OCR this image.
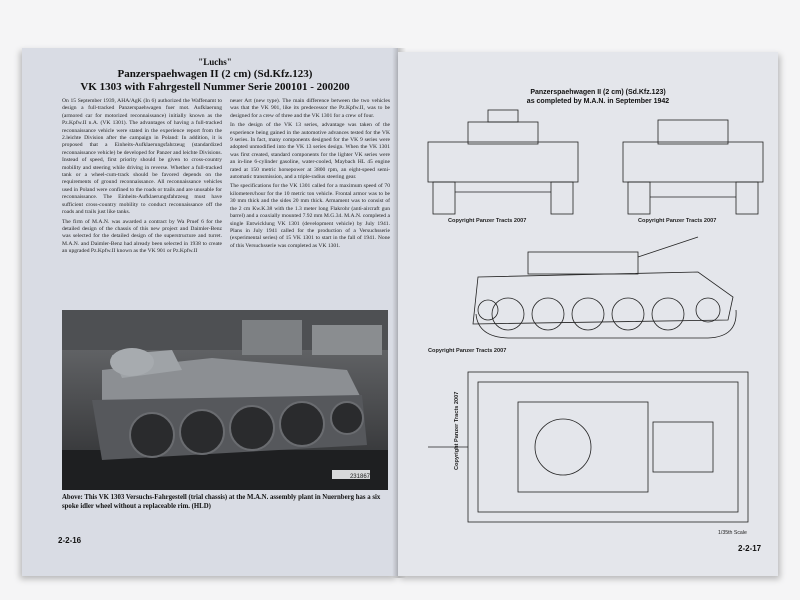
"Luchs"
Panzerspaehwagen II (2 cm) (Sd.Kfz.123)
VK 1303 with Fahrgestell Nummer Serie 200101 - 200200

On 15 September 1939, AHA/AgK (In 6) authorized the Waffenamt to design a full-tracked Panzerspaehwagen fuer mot. Aufklaerung (armored car for motorized reconnaissance) initially known as the Pz.Kpfw.II n.A. (VK 1301). The advantages of having a full-tracked reconnaissance vehicle were stated in the experience report from the 2.leichte Division after the campaign in Poland: In addition, it is proposed that a Einheits-Aufklaerungsfahrzeug (standardized reconnaissance vehicle) be developed for Panzer and leichte Divisions. Instead of speed, first priority should be given to cross-country mobility and steering while driving in reverse. Whether a full-tracked tank or a wheel-cum-track should be favored depends on the requirements of ground reconnaissance. All reconnaissance vehicles used in Poland were confined to the roads or trails and are unusable for reconnaissance. The Einheits-Aufklaerungsfahrzeug must have sufficient cross-country mobility to conduct reconnaissance off the roads and trails just like tanks.

The firm of M.A.N. was awarded a contract by Wa Pruef 6 for the detailed design of the chassis of this new project and Daimler-Benz was selected for the detailed design of the superstructure and turret. M.A.N. and Daimler-Benz had already been selected in 1938 to create an upgraded Pz.Kpfw.II known as the VK 901 or Pz.Kpfw.II

neuer Art (new type). The main difference between the two vehicles was that the VK 901, like its predecessor the Pz.Kpfw.II, was to be designed for a crew of three and the VK 1301 for a crew of four.

In the design of the VK 13 series, advantage was taken of the experience being gained in the automotive advances tested for the VK 9 series. In fact, many components designed for the VK 9 series were adopted unmodified into the VK 13 series design. When the VK 1301 was first created, standard components for the lighter VK series were an in-line 6-cylinder gasoline, water-cooled, Maybach HL 45 engine rated at 150 metric horsepower at 3800 rpm, an eight-speed semi-automatic transmission, and a triple-radius steering gear.

The specifications for the VK 1301 called for a maximum speed of 70 kilometers/hour for the 10 metric ton vehicle. Frontal armor was to be 30 mm thick and the sides 20 mm thick. Armament was to consist of the 2 cm Kw.K.38 with the 1.3 meter long Flakrohr (anti-aircraft gun barrel) and a coaxially mounted 7.92 mm M.G.34. M.A.N. completed a single Entwicklung VK 1301 (development vehicle) by July 1941. Plans in July 1941 called for the production of a Versuchsserie (experimental series) of 15 VK 1301 to start in the fall of 1941. None of this Versuchsserie was completed as VK 1301.

231867
Above: This VK 1303 Versuchs-Fahrgestell (trial chassis) at the M.A.N. assembly plant in Nuernberg has a six spoke idler wheel without a replaceable rim. (HLD)
2-2-16
Panzerspaehwagen II (2 cm) (Sd.Kfz.123)
as completed by M.A.N. in September 1942
Copyright Panzer Tracts 2007	Copyright Panzer Tracts 2007
Copyright Panzer Tracts 2007
Copyright Panzer Tracts 2007
1/35th Scale
2-2-17
